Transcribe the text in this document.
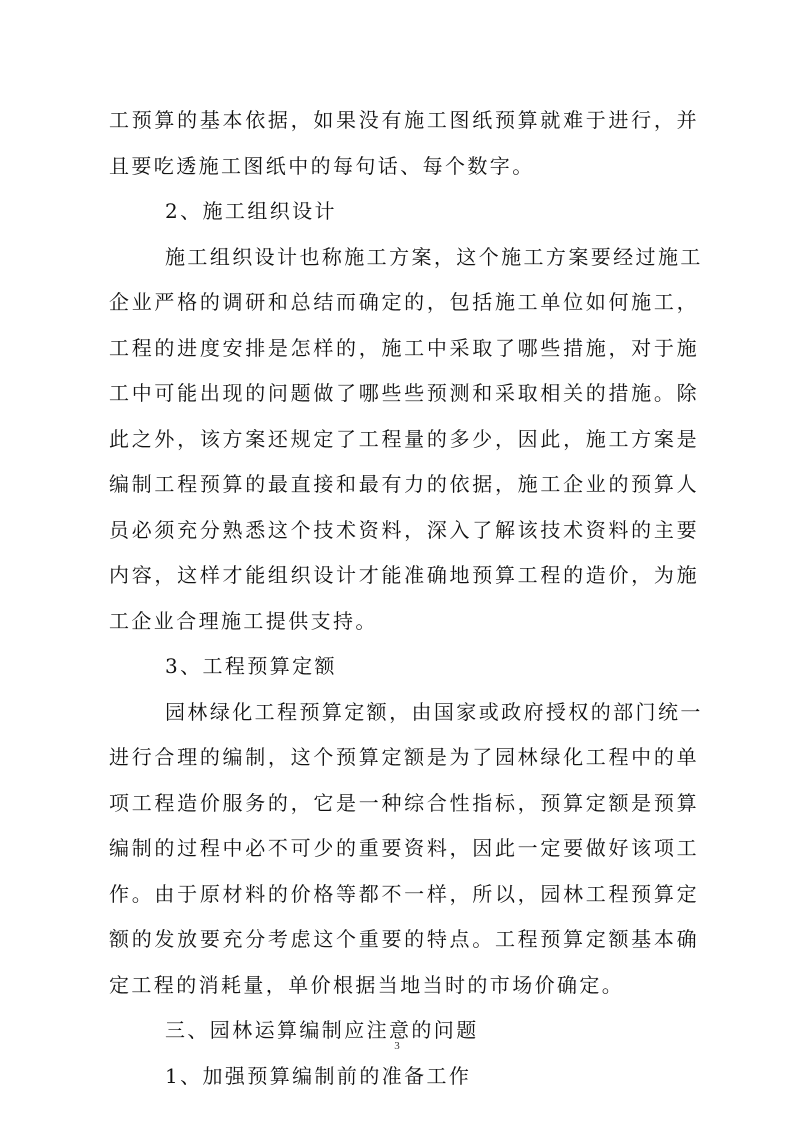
工 预 算 的 基 本 依 据 ， 如 果 没 有 施 工 图 纸 预 算 就 难 于 进 行 ， 并
且要吃透施工图纸中的每句话、每个数字。
2、施工组织设计
施 工 组 织 设 计 也 称 施 工 方 案 ， 这 个 施 工 方 案 要 经 过 施 工
企 业 严 格 的 调 研 和 总 结 而 确 定 的 ， 包 括 施 工 单 位 如 何 施 工 ，
工 程 的 进 度 安 排 是 怎 样 的 ， 施 工 中 采 取 了 哪 些 措 施 ， 对 于 施
工 中 可 能 出 现 的 问 题 做 了 哪 些 些 预 测 和 采 取 相 关 的 措 施 。 除
此 之 外 ， 该 方 案 还 规 定 了 工 程 量 的 多 少 ， 因 此 ， 施 工 方 案 是
编 制 工 程 预 算 的 最 直 接 和 最 有 力 的 依 据 ， 施 工 企 业 的 预 算 人
员 必 须 充 分 熟 悉 这 个 技 术 资 料 ， 深 入 了 解 该 技 术 资 料 的 主 要
内 容 ， 这 样 才 能 组 织 设 计 才 能 准 确 地 预 算 工 程 的 造 价 ， 为 施
工企业合理施工提供支持。
3、工程预算定额
园 林 绿 化 工 程 预 算 定 额 ， 由 国 家 或 政 府 授 权 的 部 门 统 一
进 行 合 理 的 编 制 ， 这 个 预 算 定 额 是 为 了 园 林 绿 化 工 程 中 的 单
项 工 程 造 价 服 务 的 ， 它 是 一 种 综 合 性 指 标 ， 预 算 定 额 是 预 算
编 制 的 过 程 中 必 不 可 少 的 重 要 资 料 ， 因 此 一 定 要 做 好 该 项 工
作 。 由 于 原 材 料 的 价 格 等 都 不 一 样 ， 所 以 ， 园 林 工 程 预 算 定
额 的 发 放 要 充 分 考 虑 这 个 重 要 的 特 点 。 工 程 预 算 定 额 基 本 确
定工程的消耗量，单价根据当地当时的市场价确定。
三、园林运算编制应注意的问题
1、加强预算编制前的准备工作
3
